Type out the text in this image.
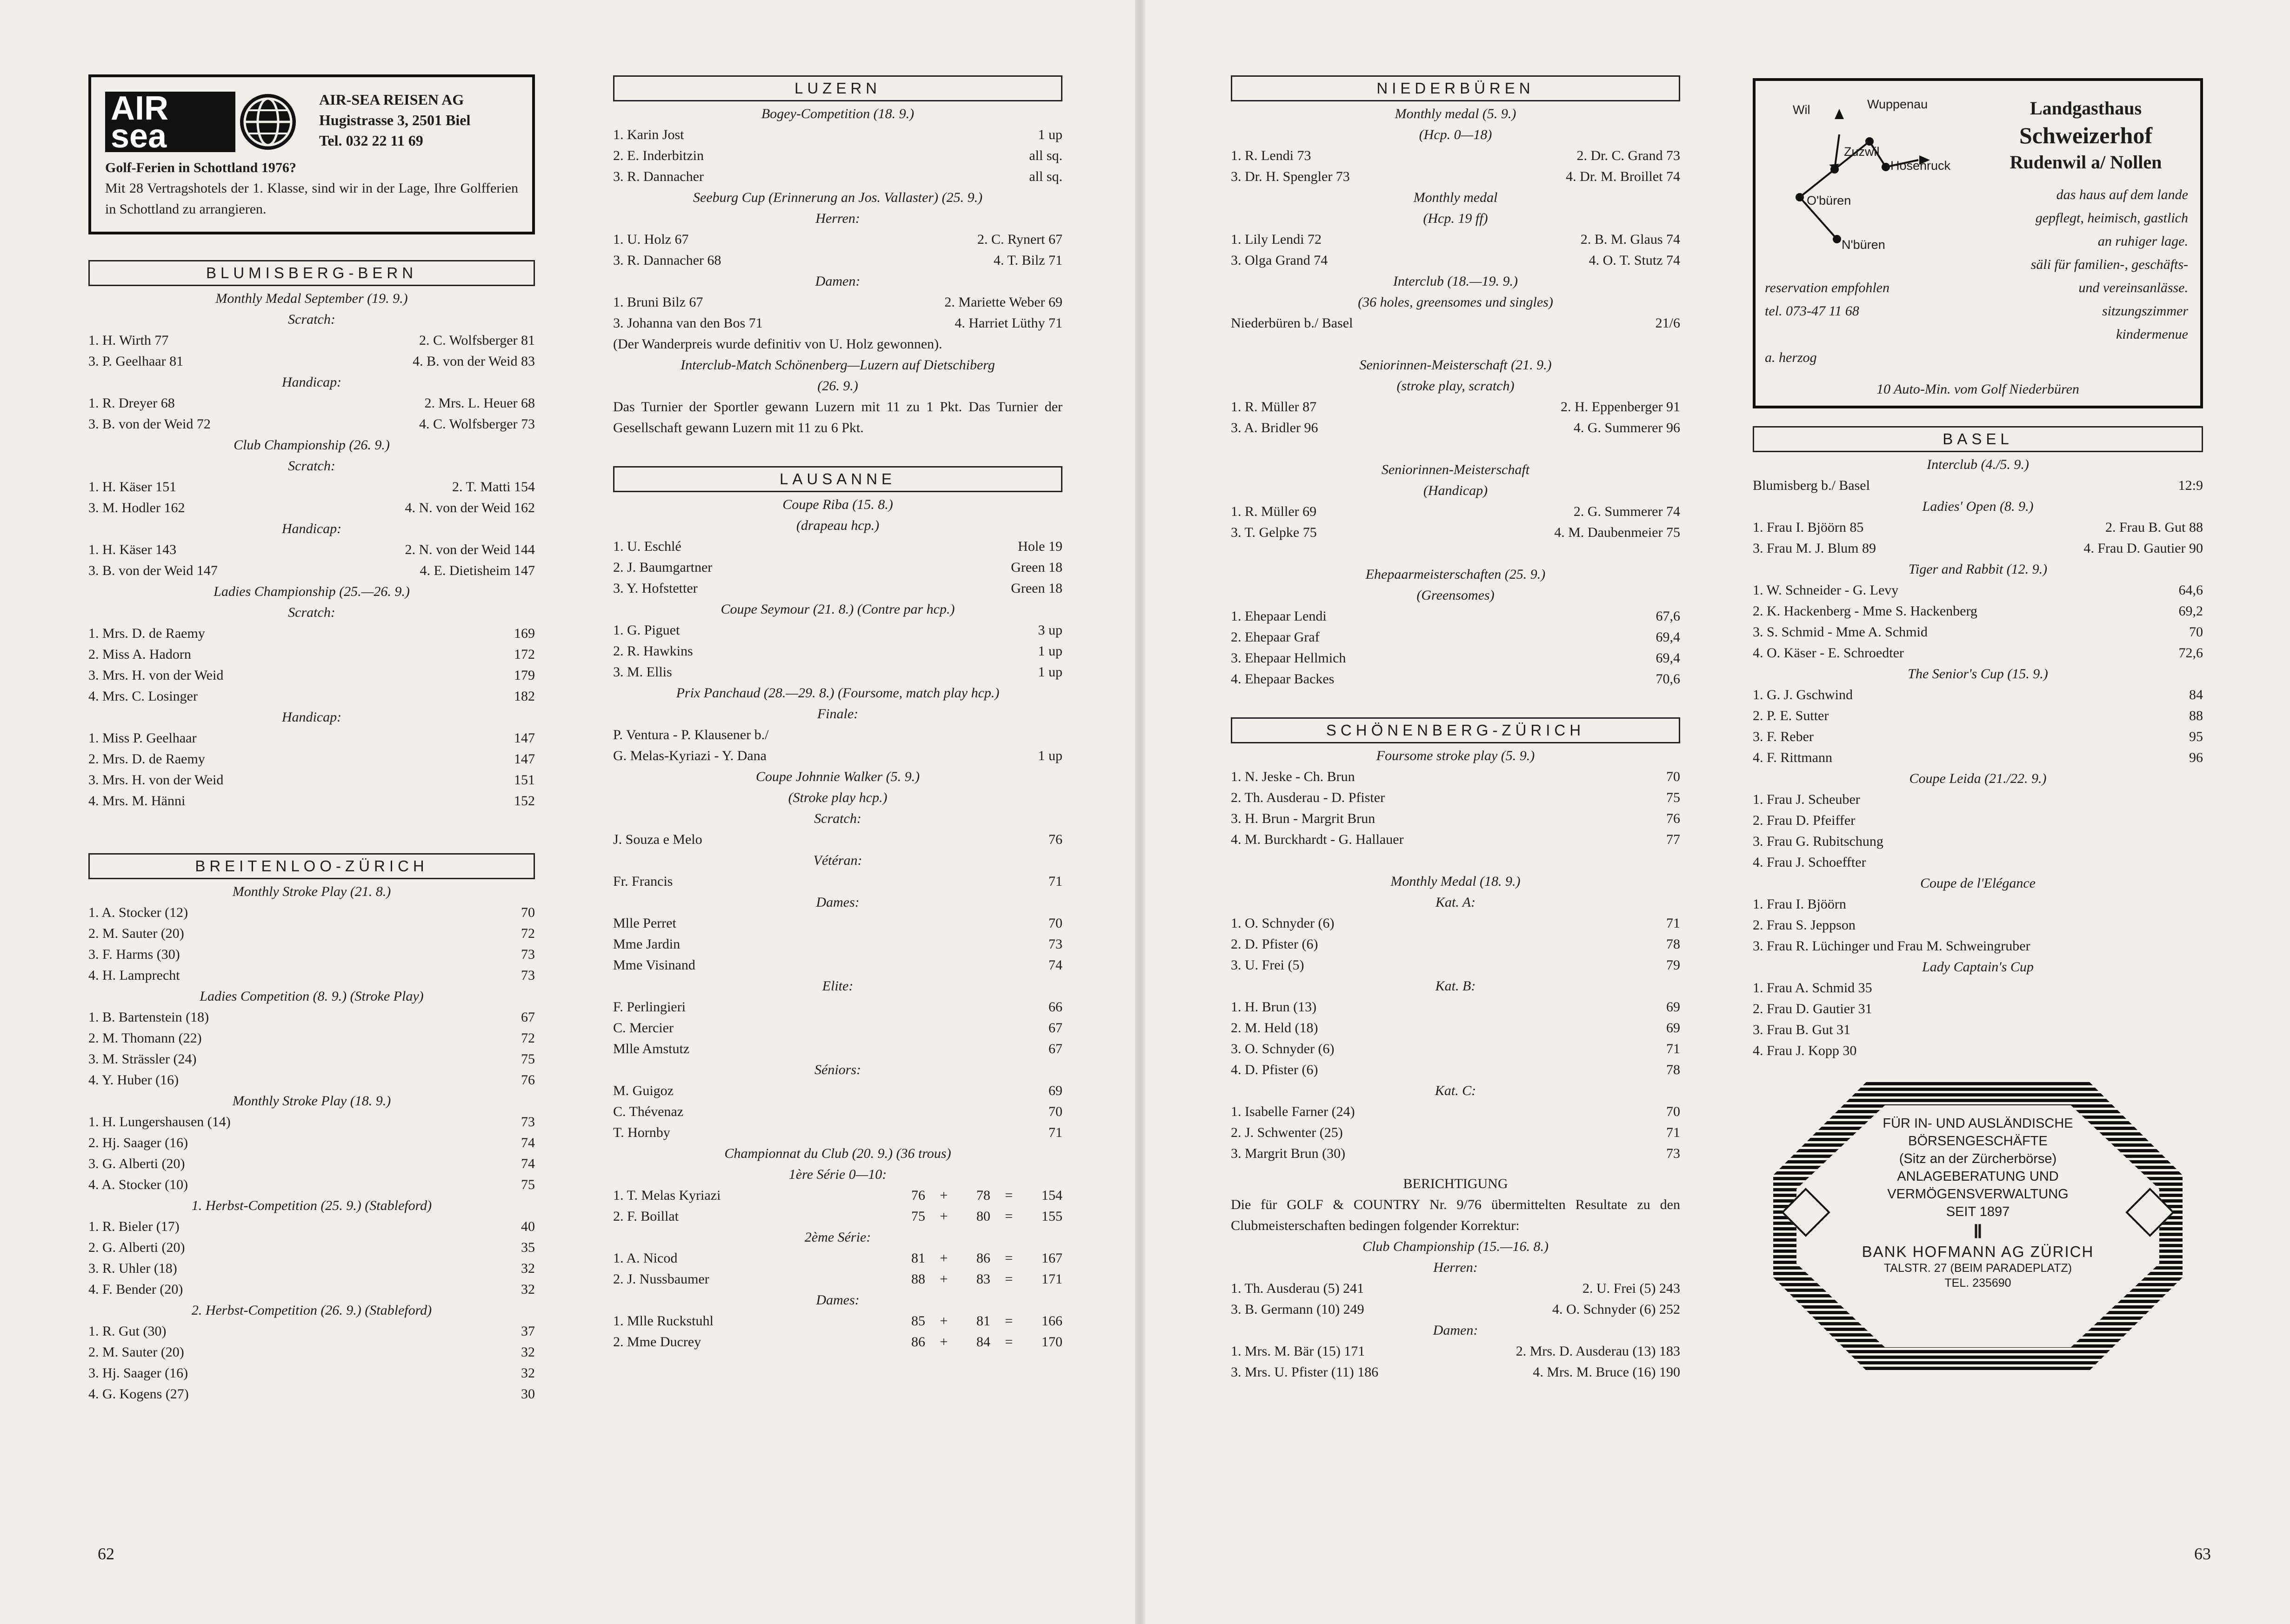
AIR
sea
AIR-SEA REISEN AG
Hugistrasse 3, 2501 Biel
Tel. 032 22 11 69
Golf-Ferien in Schottland 1976?
Mit 28 Vertragshotels der 1. Klasse, sind wir in der Lage, Ihre Golfferien in Schottland zu arrangieren.
BLUMISBERG-BERN
Monthly Medal September (19. 9.)
Scratch:
1. H. Wirth 77	2. C. Wolfsberger 81
3. P. Geelhaar 81	4. B. von der Weid 83
Handicap:
1. R. Dreyer 68	2. Mrs. L. Heuer 68
3. B. von der Weid 72	4. C. Wolfsberger 73
Club Championship (26. 9.)
Scratch:
1. H. Käser 151	2. T. Matti 154
3. M. Hodler 162	4. N. von der Weid 162
Handicap:
1. H. Käser 143	2. N. von der Weid 144
3. B. von der Weid 147	4. E. Dietisheim 147
Ladies Championship (25.—26. 9.)
Scratch:
1. Mrs. D. de Raemy	169
2. Miss A. Hadorn	172
3. Mrs. H. von der Weid	179
4. Mrs. C. Losinger	182
Handicap:
1. Miss P. Geelhaar	147
2. Mrs. D. de Raemy	147
3. Mrs. H. von der Weid	151
4. Mrs. M. Hänni	152
BREITENLOO-ZÜRICH
Monthly Stroke Play (21. 8.)
1. A. Stocker (12)	70
2. M. Sauter (20)	72
3. F. Harms (30)	73
4. H. Lamprecht	73
Ladies Competition (8. 9.) (Stroke Play)
1. B. Bartenstein (18)	67
2. M. Thomann (22)	72
3. M. Strässler (24)	75
4. Y. Huber (16)	76
Monthly Stroke Play (18. 9.)
1. H. Lungershausen (14)	73
2. Hj. Saager (16)	74
3. G. Alberti (20)	74
4. A. Stocker (10)	75
1. Herbst-Competition (25. 9.) (Stableford)
1. R. Bieler (17)	40
2. G. Alberti (20)	35
3. R. Uhler (18)	32
4. F. Bender (20)	32
2. Herbst-Competition (26. 9.) (Stableford)
1. R. Gut (30)	37
2. M. Sauter (20)	32
3. Hj. Saager (16)	32
4. G. Kogens (27)	30
LUZERN
Bogey-Competition (18. 9.)
1. Karin Jost	1 up
2. E. Inderbitzin	all sq.
3. R. Dannacher	all sq.
Seeburg Cup (Erinnerung an Jos. Vallaster) (25. 9.)
Herren:
1. U. Holz 67	2. C. Rynert 67
3. R. Dannacher 68	4. T. Bilz 71
Damen:
1. Bruni Bilz 67	2. Mariette Weber 69
3. Johanna van den Bos 71	4. Harriet Lüthy 71
(Der Wanderpreis wurde definitiv von U. Holz gewonnen).
Interclub-Match Schönenberg—Luzern auf Dietschiberg
(26. 9.)
Das Turnier der Sportler gewann Luzern mit 11 zu 1 Pkt. Das Turnier der Gesellschaft gewann Luzern mit 11 zu 6 Pkt.
LAUSANNE
Coupe Riba (15. 8.)
(drapeau hcp.)
1. U. Eschlé	Hole 19
2. J. Baumgartner	Green 18
3. Y. Hofstetter	Green 18
Coupe Seymour (21. 8.) (Contre par hcp.)
1. G. Piguet	3 up
2. R. Hawkins	1 up
3. M. Ellis	1 up
Prix Panchaud (28.—29. 8.) (Foursome, match play hcp.)
Finale:
P. Ventura - P. Klausener b./
G. Melas-Kyriazi - Y. Dana	1 up
Coupe Johnnie Walker (5. 9.)
(Stroke play hcp.)
Scratch:
J. Souza e Melo	76
Vétéran:
Fr. Francis	71
Dames:
Mlle Perret	70
Mme Jardin	73
Mme Visinand	74
Elite:
F. Perlingieri	66
C. Mercier	67
Mlle Amstutz	67
Séniors:
M. Guigoz	69
C. Thévenaz	70
T. Hornby	71
Championnat du Club (20. 9.) (36 trous)
1ère Série 0—10:
1. T. Melas Kyriazi	76	+	78	=	154
2. F. Boillat	75	+	80	=	155
2ème Série:
1. A. Nicod	81	+	86	=	167
2. J. Nussbaumer	88	+	83	=	171
Dames:
1. Mlle Ruckstuhl	85	+	81	=	166
2. Mme Ducrey	86	+	84	=	170
62
NIEDERBÜREN
Monthly medal (5. 9.)
(Hcp. 0—18)
1. R. Lendi 73	2. Dr. C. Grand 73
3. Dr. H. Spengler 73	4. Dr. M. Broillet 74
Monthly medal
(Hcp. 19 ff)
1. Lily Lendi 72	2. B. M. Glaus 74
3. Olga Grand 74	4. O. T. Stutz 74
Interclub (18.—19. 9.)
(36 holes, greensomes und singles)
Niederbüren b./ Basel	21/6
Seniorinnen-Meisterschaft (21. 9.)
(stroke play, scratch)
1. R. Müller 87	2. H. Eppenberger 91
3. A. Bridler 96	4. G. Summerer 96
Seniorinnen-Meisterschaft
(Handicap)
1. R. Müller 69	2. G. Summerer 74
3. T. Gelpke 75	4. M. Daubenmeier 75
Ehepaarmeisterschaften (25. 9.)
(Greensomes)
1. Ehepaar Lendi	67,6
2. Ehepaar Graf	69,4
3. Ehepaar Hellmich	69,4
4. Ehepaar Backes	70,6
SCHÖNENBERG-ZÜRICH
Foursome stroke play (5. 9.)
1. N. Jeske - Ch. Brun	70
2. Th. Ausderau - D. Pfister	75
3. H. Brun - Margrit Brun	76
4. M. Burckhardt - G. Hallauer	77
Monthly Medal (18. 9.)
Kat. A:
1. O. Schnyder (6)	71
2. D. Pfister (6)	78
3. U. Frei (5)	79
Kat. B:
1. H. Brun (13)	69
2. M. Held (18)	69
3. O. Schnyder (6)	71
4. D. Pfister (6)	78
Kat. C:
1. Isabelle Farner (24)	70
2. J. Schwenter (25)	71
3. Margrit Brun (30)	73
BERICHTIGUNG
Die für GOLF & COUNTRY Nr. 9/76 übermittelten Resultate zu den Clubmeisterschaften bedingen folgender Korrektur:
Club Championship (15.—16. 8.)
Herren:
1. Th. Ausderau (5) 241	2. U. Frei (5) 243
3. B. Germann (10) 249	4. O. Schnyder (6) 252
Damen:
1. Mrs. M. Bär (15) 171	2. Mrs. D. Ausderau (13) 183
3. Mrs. U. Pfister (11) 186	4. Mrs. M. Bruce (16) 190
Wil	Wuppenau
Zuzwil
Hosenruck
O'büren
N'büren
Landgasthaus
Schweizerhof
Rudenwil a/ Nollen
das haus auf dem lande
gepflegt, heimisch, gastlich
an ruhiger lage.
säli für familien-, geschäfts-
und vereinsanlässe.
sitzungszimmer
kindermenue
reservation empfohlen
tel. 073-47 11 68
a. herzog
10 Auto-Min. vom Golf Niederbüren
BASEL
Interclub (4./5. 9.)
Blumisberg b./ Basel	12:9
Ladies' Open (8. 9.)
1. Frau I. Bjöörn 85	2. Frau B. Gut 88
3. Frau M. J. Blum 89	4. Frau D. Gautier 90
Tiger and Rabbit (12. 9.)
1. W. Schneider - G. Levy	64,6
2. K. Hackenberg - Mme S. Hackenberg	69,2
3. S. Schmid - Mme A. Schmid	70
4. O. Käser - E. Schroedter	72,6
The Senior's Cup (15. 9.)
1. G. J. Gschwind	84
2. P. E. Sutter	88
3. F. Reber	95
4. F. Rittmann	96
Coupe Leida (21./22. 9.)
1. Frau J. Scheuber
2. Frau D. Pfeiffer
3. Frau G. Rubitschung
4. Frau J. Schoeffter
Coupe de l'Elégance
1. Frau I. Bjöörn
2. Frau S. Jeppson
3. Frau R. Lüchinger und Frau M. Schweingruber
Lady Captain's Cup
1. Frau A. Schmid 35
2. Frau D. Gautier 31
3. Frau B. Gut 31
4. Frau J. Kopp 30
FÜR IN- UND AUSLÄNDISCHE
BÖRSENGESCHÄFTE
(Sitz an der Zürcherbörse)
ANLAGEBERATUNG UND
VERMÖGENSVERWALTUNG
SEIT 1897
Ⅱ
BANK HOFMANN AG ZÜRICH
TALSTR. 27 (BEIM PARADEPLATZ)
TEL. 235690
63
